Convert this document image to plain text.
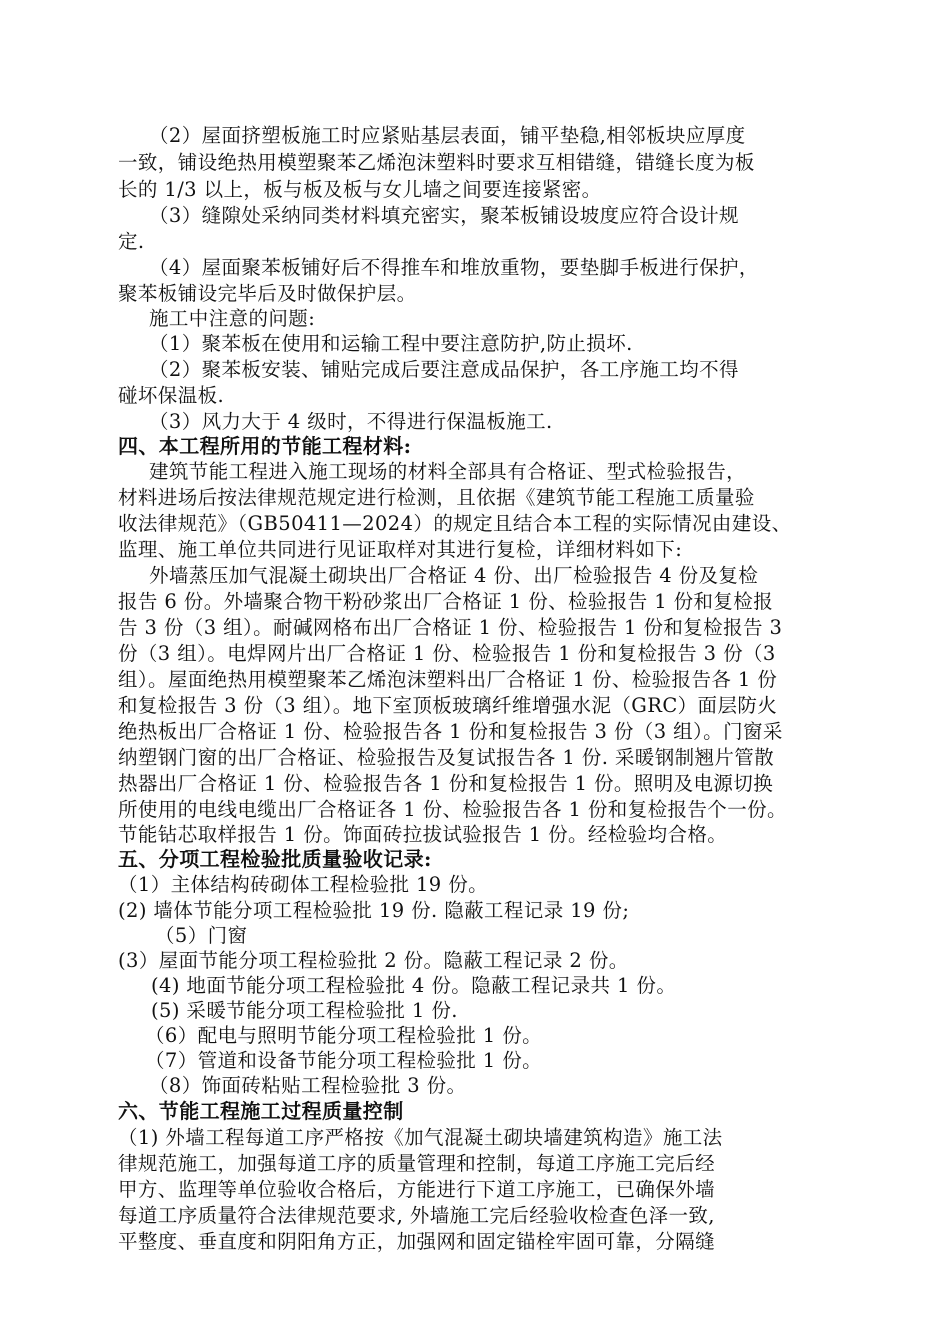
（2）屋面挤塑板施工时应紧贴基层表面，铺平垫稳,相邻板块应厚度
一致，铺设绝热用模塑聚苯乙烯泡沫塑料时要求互相错缝，错缝长度为板
长的 1/3 以上，板与板及板与女儿墙之间要连接紧密。
（3）缝隙处采纳同类材料填充密实，聚苯板铺设坡度应符合设计规
定.
（4）屋面聚苯板铺好后不得推车和堆放重物，要垫脚手板进行保护，
聚苯板铺设完毕后及时做保护层。
施工中注意的问题:
（1）聚苯板在使用和运输工程中要注意防护,防止损坏.
（2）聚苯板安装、铺贴完成后要注意成品保护，各工序施工均不得
碰坏保温板.
（3）风力大于 4 级时，不得进行保温板施工.
四、本工程所用的节能工程材料:
建筑节能工程进入施工现场的材料全部具有合格证、型式检验报告，
材料进场后按法律规范规定进行检测，且依据《建筑节能工程施工质量验
收法律规范》（GB50411—2024）的规定且结合本工程的实际情况由建设、
监理、施工单位共同进行见证取样对其进行复检，详细材料如下:
外墙蒸压加气混凝土砌块出厂合格证 4 份、出厂检验报告 4 份及复检
报告 6 份。外墙聚合物干粉砂浆出厂合格证 1 份、检验报告 1 份和复检报
告 3 份（3 组）。耐碱网格布出厂合格证 1 份、检验报告 1 份和复检报告 3
份（3 组）。电焊网片出厂合格证 1 份、检验报告 1 份和复检报告 3 份（3
组）。屋面绝热用模塑聚苯乙烯泡沫塑料出厂合格证 1 份、检验报告各 1 份
和复检报告 3 份（3 组）。地下室顶板玻璃纤维增强水泥（GRC）面层防火
绝热板出厂合格证 1 份、检验报告各 1 份和复检报告 3 份（3 组）。门窗采
纳塑钢门窗的出厂合格证、检验报告及复试报告各 1 份. 采暖钢制翘片管散
热器出厂合格证 1 份、检验报告各 1 份和复检报告 1 份。照明及电源切换
所使用的电线电缆出厂合格证各 1 份、检验报告各 1 份和复检报告个一份。
节能钻芯取样报告 1 份。饰面砖拉拔试验报告 1 份。经检验均合格。
五、分项工程检验批质量验收记录:
（1）主体结构砖砌体工程检验批 19 份。
(2) 墙体节能分项工程检验批 19 份. 隐蔽工程记录 19 份;
（5）门窗
(3）屋面节能分项工程检验批 2 份。隐蔽工程记录 2 份。
(4) 地面节能分项工程检验批 4 份。隐蔽工程记录共 1 份。
(5) 采暖节能分项工程检验批 1 份.
（6）配电与照明节能分项工程检验批 1 份。
（7）管道和设备节能分项工程检验批 1 份。
（8）饰面砖粘贴工程检验批 3 份。
六、节能工程施工过程质量控制
（1) 外墙工程每道工序严格按《加气混凝土砌块墙建筑构造》施工法
律规范施工，加强每道工序的质量管理和控制，每道工序施工完后经
甲方、监理等单位验收合格后，方能进行下道工序施工，已确保外墙
每道工序质量符合法律规范要求, 外墙施工完后经验收检查色泽一致,
平整度、垂直度和阴阳角方正，加强网和固定锚栓牢固可靠，分隔缝
